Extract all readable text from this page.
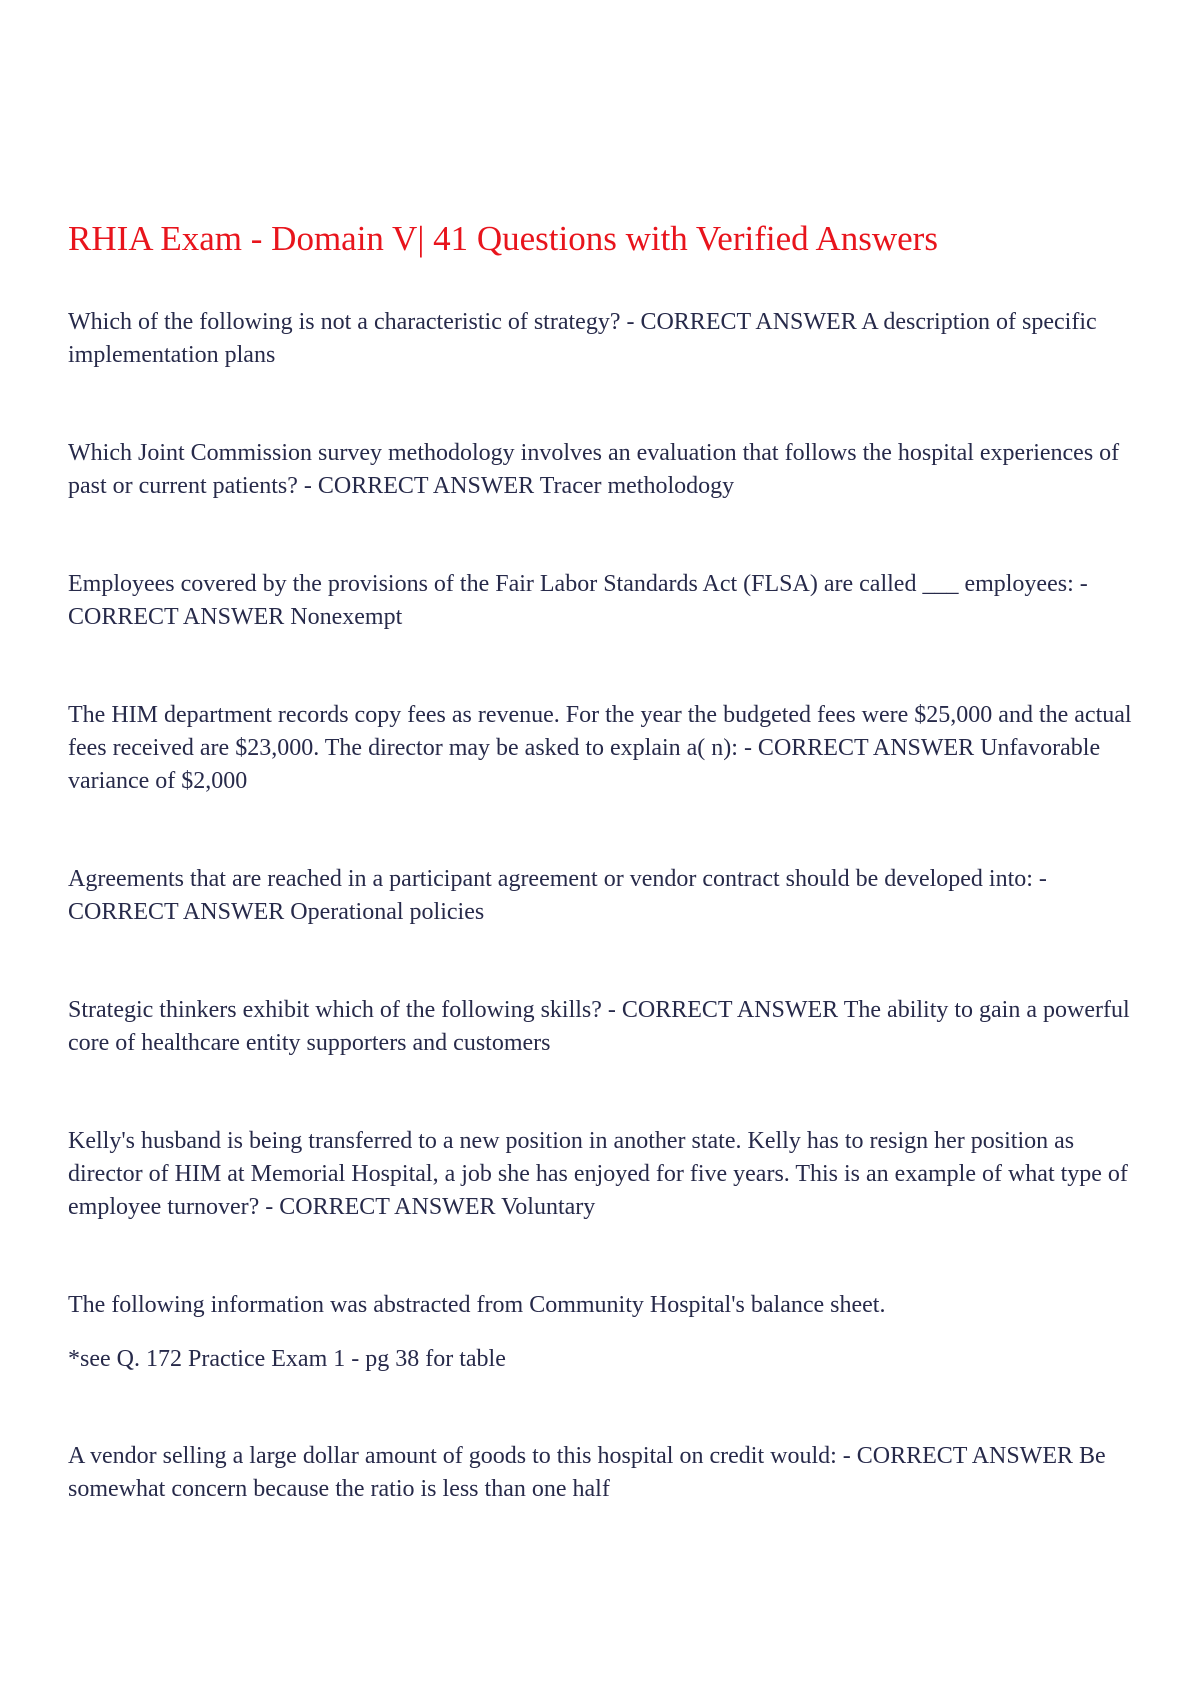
RHIA Exam - Domain V| 41 Questions with Verified Answers

Which of the following is not a characteristic of strategy? - CORRECT ANSWER A description of specific implementation plans

Which Joint Commission survey methodology involves an evaluation that follows the hospital experiences of past or current patients? - CORRECT ANSWER Tracer metholodogy

Employees covered by the provisions of the Fair Labor Standards Act (FLSA) are called ___ employees: - CORRECT ANSWER Nonexempt

The HIM department records copy fees as revenue. For the year the budgeted fees were $25,000 and the actual fees received are $23,000. The director may be asked to explain a( n): - CORRECT ANSWER Unfavorable variance of $2,000

Agreements that are reached in a participant agreement or vendor contract should be developed into: - CORRECT ANSWER Operational policies

Strategic thinkers exhibit which of the following skills? - CORRECT ANSWER The ability to gain a powerful core of healthcare entity supporters and customers

Kelly's husband is being transferred to a new position in another state. Kelly has to resign her position as director of HIM at Memorial Hospital, a job she has enjoyed for five years. This is an example of what type of employee turnover? - CORRECT ANSWER Voluntary

The following information was abstracted from Community Hospital's balance sheet.

*see Q. 172 Practice Exam 1 - pg 38 for table

A vendor selling a large dollar amount of goods to this hospital on credit would: - CORRECT ANSWER Be somewhat concern because the ratio is less than one half
